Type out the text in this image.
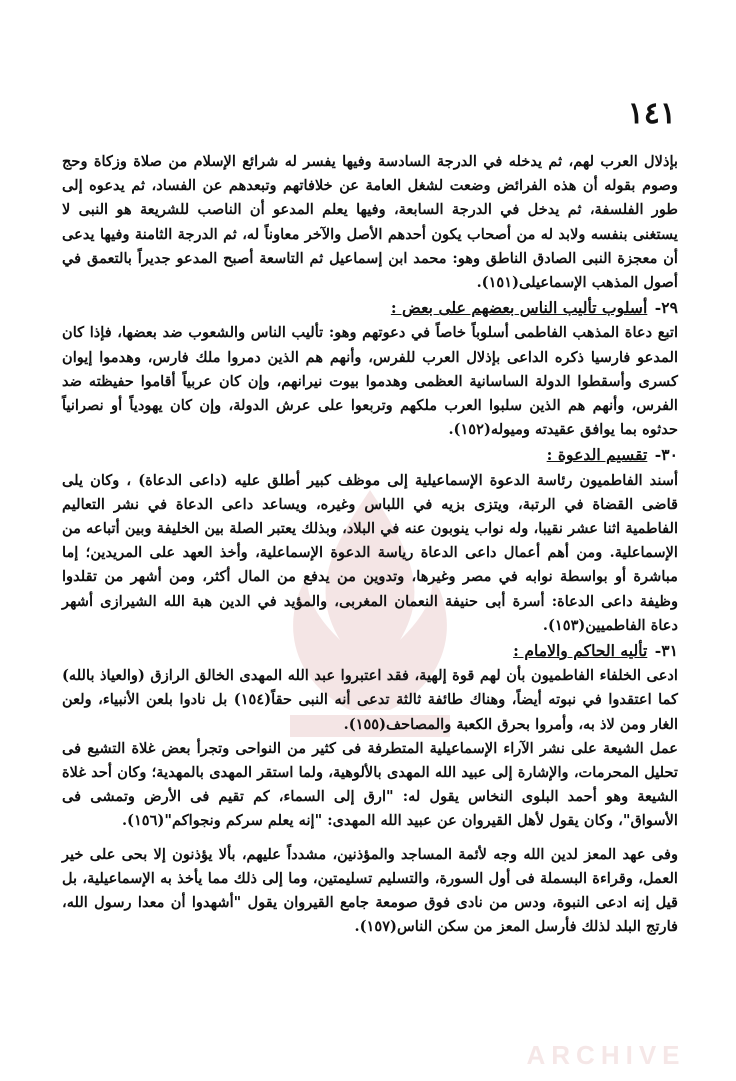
١٤١
ARCHIVE
بإذلال العرب لهم، ثم يدخله في الدرجة السادسة وفيها يفسر له شرائع الإسلام من صلاة وزكاة وحج وصوم بقوله أن هذه الفرائض وضعت لشغل العامة عن خلافاتهم وتبعدهم عن الفساد، ثم يدعوه إلى طور الفلسفة، ثم يدخل في الدرجة السابعة، وفيها يعلم المدعو أن الناصب للشريعة هو النبى لا يستغنى بنفسه ولابد له من أصحاب يكون أحدهم الأصل والآخر معاوناً له، ثم الدرجة الثامنة وفيها يدعى أن معجزة النبى الصادق الناطق وهو: محمد ابن إسماعيل ثم التاسعة أصبح المدعو جديراً بالتعمق في أصول المذهب الإسماعيلى(١٥١).
٢٩- أسلوب تأليب الناس بعضهم على بعض :
اتبع دعاة المذهب الفاطمى أسلوباً خاصاً في دعوتهم وهو: تأليب الناس والشعوب ضد بعضها، فإذا كان المدعو فارسيا ذكره الداعى بإذلال العرب للفرس، وأنهم هم الذين دمروا ملك فارس، وهدموا إيوان كسرى وأسقطوا الدولة الساسانية العظمى وهدموا بيوت نيرانهم، وإن كان عربياً أقاموا حفيظته ضد الفرس، وأنهم هم الذين سلبوا العرب ملكهم وتربعوا على عرش الدولة، وإن كان يهودياً أو نصرانياً حدثوه بما يوافق عقيدته وميوله(١٥٢).
٣٠- تقسيم الدعوة :
أسند الفاطميون رئاسة الدعوة الإسماعيلية إلى موظف كبير أطلق عليه (داعى الدعاة) ، وكان يلى قاضى القضاة في الرتبة، ويتزى بزيه في اللباس وغيره، ويساعد داعى الدعاة في نشر التعاليم الفاطمية اثنا عشر نقيبا، وله نواب ينوبون عنه في البلاد، وبذلك يعتبر الصلة بين الخليفة وبين أتباعه من الإسماعلية. ومن أهم أعمال داعى الدعاة رياسة الدعوة الإسماعلية، وأخذ العهد على المريدين؛ إما مباشرة أو بواسطة نوابه في مصر وغيرها، وتدوين من يدفع من المال أكثر، ومن أشهر من تقلدوا وظيفة داعى الدعاة: أسرة أبى حنيفة النعمان المغربى، والمؤيد في الدين هبة الله الشيرازى أشهر دعاة الفاطميين(١٥٣).
٣١- تأليه الحاكم والامام :
ادعى الخلفاء الفاطميون بأن لهم قوة إلهية، فقد اعتبروا عبد الله المهدى الخالق الرازق (والعياذ بالله) كما اعتقدوا في نبوته أيضاً، وهناك طائفة ثالثة تدعى أنه النبى حقاً(١٥٤) بل نادوا بلعن الأنبياء، ولعن الغار ومن لاذ به، وأمروا بحرق الكعبة والمصاحف(١٥٥).
عمل الشيعة على نشر الآراء الإسماعيلية المتطرفة فى كثير من النواحى وتجرأ بعض غلاة التشيع فى تحليل المحرمات، والإشارة إلى عبيد الله المهدى بالألوهية، ولما استقر المهدى بالمهدية؛ وكان أحد غلاة الشيعة وهو أحمد البلوى النخاس يقول له: "ارق إلى السماء، كم تقيم فى الأرض وتمشى فى الأسواق"، وكان يقول لأهل القيروان عن عبيد الله المهدى: "إنه يعلم سركم ونجواكم"(١٥٦).
وفى عهد المعز لدين الله وجه لأئمة المساجد والمؤذنين، مشدداً عليهم، بألا يؤذنون إلا بحى على خير العمل، وقراءة البسملة فى أول السورة، والتسليم تسليمتين، وما إلى ذلك مما يأخذ به الإسماعيلية، بل قيل إنه ادعى النبوة، ودس من نادى فوق صومعة جامع القيروان يقول "أشهدوا أن معدا رسول الله، فارتج البلد لذلك فأرسل المعز من سكن الناس(١٥٧).
